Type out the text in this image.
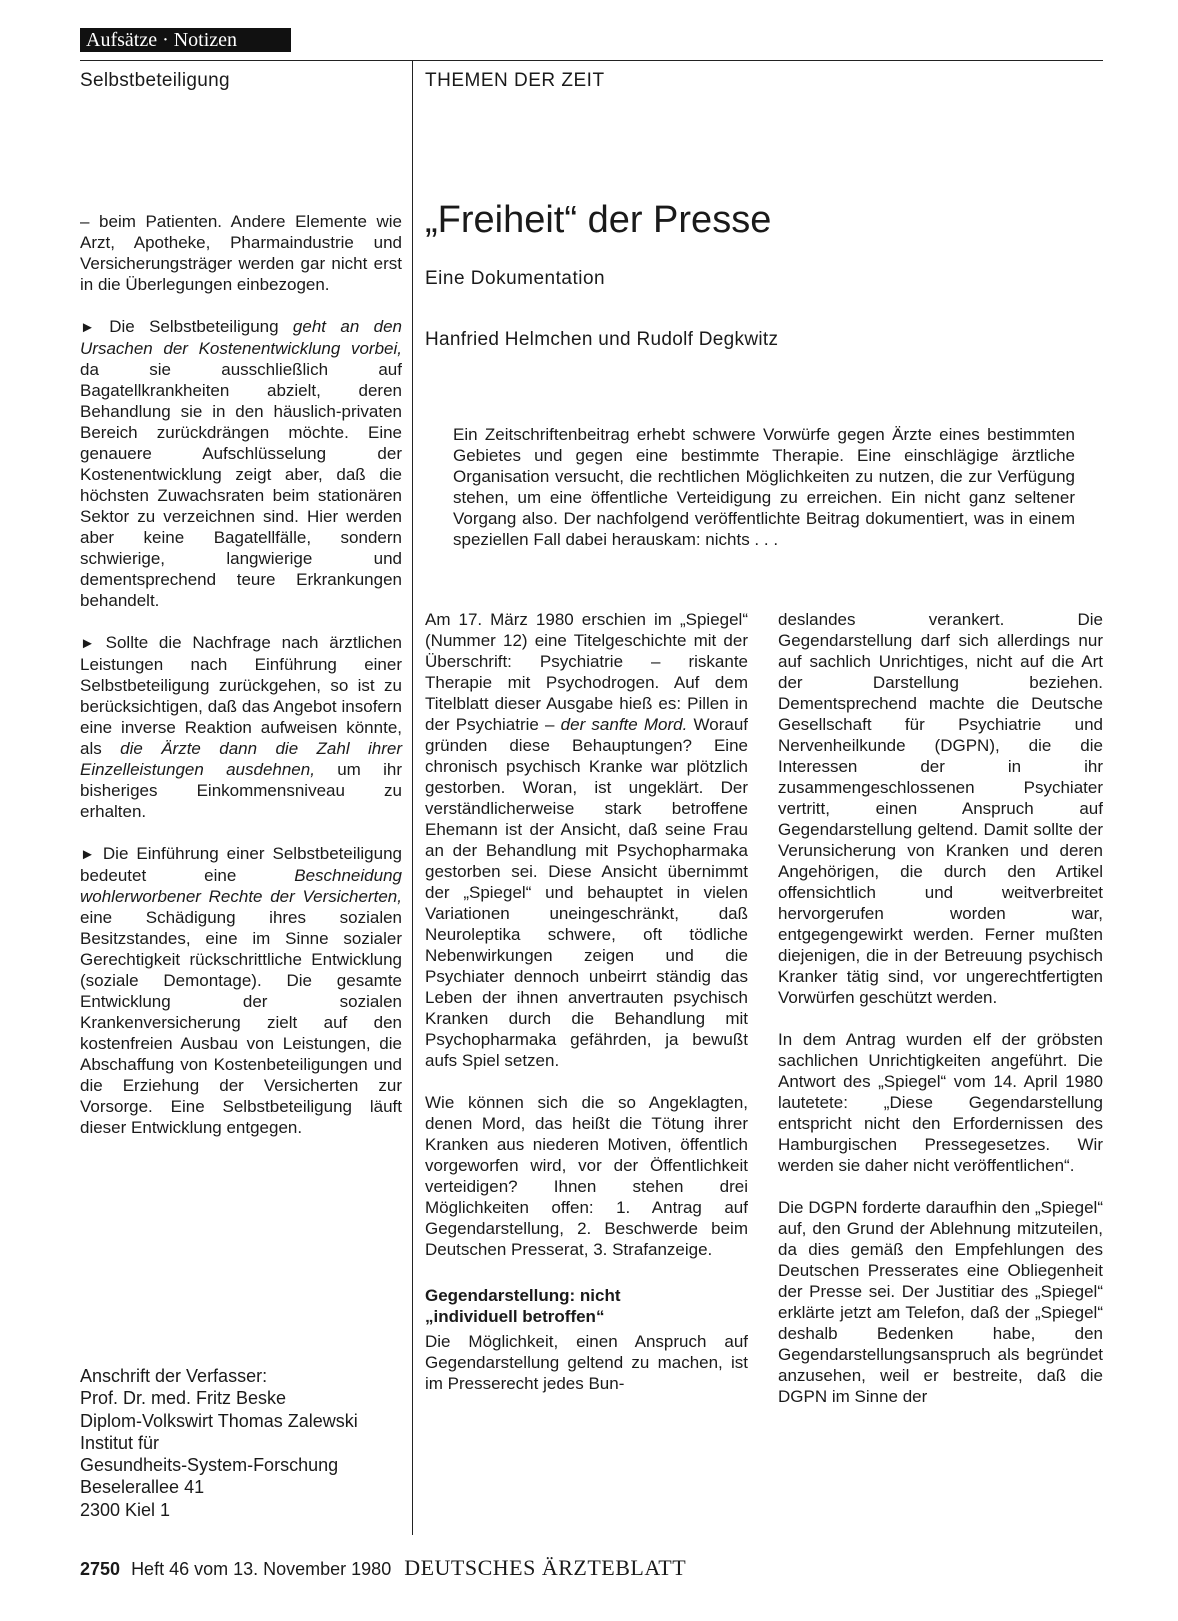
Aufsätze · Notizen
Selbstbeteiligung	THEMEN DER ZEIT

– beim Patienten. Andere Elemente wie Arzt, Apotheke, Pharmaindustrie und Versicherungsträger werden gar nicht erst in die Überlegungen einbezogen.

► Die Selbstbeteiligung geht an den Ursachen der Kostenentwicklung vorbei, da sie ausschließlich auf Bagatellkrankheiten abzielt, deren Behandlung sie in den häuslich-privaten Bereich zurückdrängen möchte. Eine genauere Aufschlüsselung der Kostenentwicklung zeigt aber, daß die höchsten Zuwachsraten beim stationären Sektor zu verzeichnen sind. Hier werden aber keine Bagatellfälle, sondern schwierige, langwierige und dementsprechend teure Erkrankungen behandelt.

► Sollte die Nachfrage nach ärztlichen Leistungen nach Einführung einer Selbstbeteiligung zurückgehen, so ist zu berücksichtigen, daß das Angebot insofern eine inverse Reaktion aufweisen könnte, als die Ärzte dann die Zahl ihrer Einzelleistungen ausdehnen, um ihr bisheriges Einkommensniveau zu erhalten.

► Die Einführung einer Selbstbeteiligung bedeutet eine Beschneidung wohlerworbener Rechte der Versicherten, eine Schädigung ihres sozialen Besitzstandes, eine im Sinne sozialer Gerechtigkeit rückschrittliche Entwicklung (soziale Demontage). Die gesamte Entwicklung der sozialen Krankenversicherung zielt auf den kostenfreien Ausbau von Leistungen, die Abschaffung von Kostenbeteiligungen und die Erziehung der Versicherten zur Vorsorge. Eine Selbstbeteiligung läuft dieser Entwicklung entgegen.

Anschrift der Verfasser:
Prof. Dr. med. Fritz Beske
Diplom-Volkswirt Thomas Zalewski
Institut für
Gesundheits-System-Forschung
Beselerallee 41
2300 Kiel 1
„Freiheit“ der Presse
Eine Dokumentation
Hanfried Helmchen und Rudolf Degkwitz

Ein Zeitschriftenbeitrag erhebt schwere Vorwürfe gegen Ärzte eines bestimmten Gebietes und gegen eine bestimmte Therapie. Eine einschlägige ärztliche Organisation versucht, die rechtlichen Möglichkeiten zu nutzen, die zur Verfügung stehen, um eine öffentliche Verteidigung zu erreichen. Ein nicht ganz seltener Vorgang also. Der nachfolgend veröffentlichte Beitrag dokumentiert, was in einem speziellen Fall dabei herauskam: nichts . . .

Am 17. März 1980 erschien im „Spiegel“ (Nummer 12) eine Titelgeschichte mit der Überschrift: Psychiatrie – riskante Therapie mit Psychodrogen. Auf dem Titelblatt dieser Ausgabe hieß es: Pillen in der Psychiatrie – der sanfte Mord. Worauf gründen diese Behauptungen? Eine chronisch psychisch Kranke war plötzlich gestorben. Woran, ist ungeklärt. Der verständlicherweise stark betroffene Ehemann ist der Ansicht, daß seine Frau an der Behandlung mit Psychopharmaka gestorben sei. Diese Ansicht übernimmt der „Spiegel“ und behauptet in vielen Variationen uneingeschränkt, daß Neuroleptika schwere, oft tödliche Nebenwirkungen zeigen und die Psychiater dennoch unbeirrt ständig das Leben der ihnen anvertrauten psychisch Kranken durch die Behandlung mit Psychopharmaka gefährden, ja bewußt aufs Spiel setzen.

Wie können sich die so Angeklagten, denen Mord, das heißt die Tötung ihrer Kranken aus niederen Motiven, öffentlich vorgeworfen wird, vor der Öffentlichkeit verteidigen? Ihnen stehen drei Möglichkeiten offen: 1. Antrag auf Gegendarstellung, 2. Beschwerde beim Deutschen Presserat, 3. Strafanzeige.

Gegendarstellung: nicht
„individuell betroffen“

Die Möglichkeit, einen Anspruch auf Gegendarstellung geltend zu machen, ist im Presserecht jedes Bun-

deslandes verankert. Die Gegendarstellung darf sich allerdings nur auf sachlich Unrichtiges, nicht auf die Art der Darstellung beziehen. Dementsprechend machte die Deutsche Gesellschaft für Psychiatrie und Nervenheilkunde (DGPN), die die Interessen der in ihr zusammengeschlossenen Psychiater vertritt, einen Anspruch auf Gegendarstellung geltend. Damit sollte der Verunsicherung von Kranken und deren Angehörigen, die durch den Artikel offensichtlich und weitverbreitet hervorgerufen worden war, entgegengewirkt werden. Ferner mußten diejenigen, die in der Betreuung psychisch Kranker tätig sind, vor ungerechtfertigten Vorwürfen geschützt werden.

In dem Antrag wurden elf der gröbsten sachlichen Unrichtigkeiten angeführt. Die Antwort des „Spiegel“ vom 14. April 1980 lautetete: „Diese Gegendarstellung entspricht nicht den Erfordernissen des Hamburgischen Pressegesetzes. Wir werden sie daher nicht veröffentlichen“.

Die DGPN forderte daraufhin den „Spiegel“ auf, den Grund der Ablehnung mitzuteilen, da dies gemäß den Empfehlungen des Deutschen Presserates eine Obliegenheit der Presse sei. Der Justitiar des „Spiegel“ erklärte jetzt am Telefon, daß der „Spiegel“ deshalb Bedenken habe, den Gegendarstellungsanspruch als begründet anzusehen, weil er bestreite, daß die DGPN im Sinne der

2750 Heft 46 vom 13. November 1980 DEUTSCHES ÄRZTEBLATT
